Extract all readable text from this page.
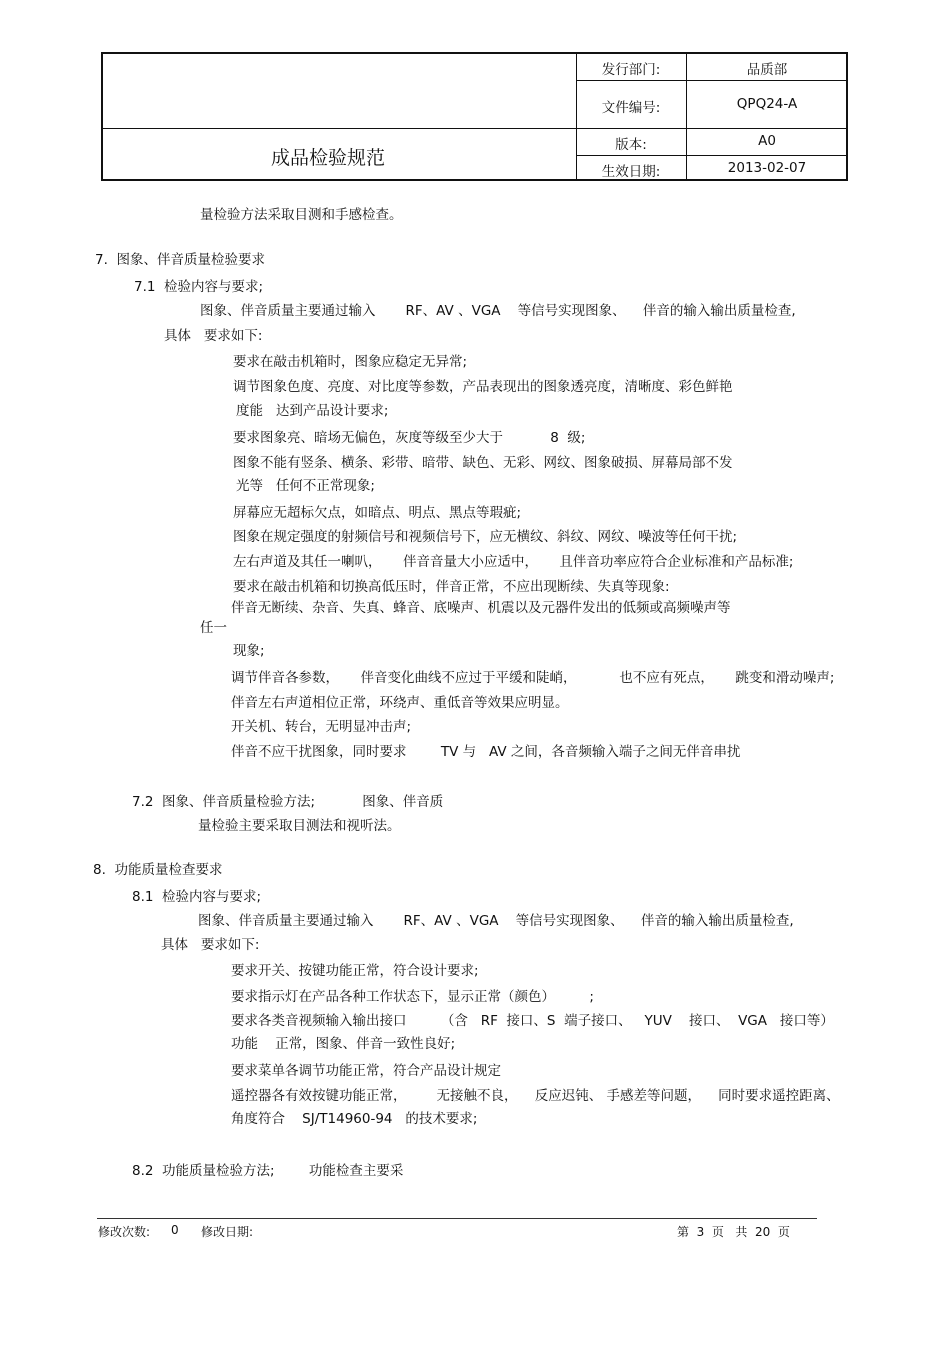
成品检验规范
发行部门:	品质部
文件编号:	QPQ24-A
版本:	A0
生效日期:	2013-02-07
量检验方法采取目测和手感检查。
7.  图象、伴音质量检验要求
7.1  检验内容与要求;
图象、伴音质量主要通过输入       RF、AV 、VGA    等信号实现图象、    伴音的输入输出质量检查,
具体   要求如下:
要求在敲击机箱时，图象应稳定无异常;
调节图象色度、亮度、对比度等参数，产品表现出的图象透亮度，清晰度、彩色鲜艳
度能   达到产品设计要求;
要求图象亮、暗场无偏色，灰度等级至少大于           8  级;
图象不能有竖条、横条、彩带、暗带、缺色、无彩、网纹、图象破损、屏幕局部不发
光等   任何不正常现象;
屏幕应无超标欠点，如暗点、明点、黑点等瑕疵;
图象在规定强度的射频信号和视频信号下，应无横纹、斜纹、网纹、噪波等任何干扰;
左右声道及其任一喇叭，     伴音音量大小应适中，     且伴音功率应符合企业标准和产品标准;
要求在敲击机箱和切换高低压时，伴音正常，不应出现断续、失真等现象:
伴音无断续、杂音、失真、蜂音、底噪声、机震以及元器件发出的低频或高频噪声等
任一
现象;
调节伴音各参数，     伴音变化曲线不应过于平缓和陡峭，          也不应有死点，     跳变和滑动噪声;
伴音左右声道相位正常，环绕声、重低音等效果应明显。
开关机、转台，无明显冲击声;
伴音不应干扰图象，同时要求        TV 与   AV 之间，各音频输入端子之间无伴音串扰
7.2  图象、伴音质量检验方法;           图象、伴音质
量检验主要采取目测法和视听法。
8.  功能质量检查要求
8.1  检验内容与要求;
图象、伴音质量主要通过输入       RF、AV 、VGA    等信号实现图象、    伴音的输入输出质量检查,
具体   要求如下:
要求开关、按键功能正常，符合设计要求;
要求指示灯在产品各种工作状态下，显示正常（颜色）        ;
要求各类音视频输入输出接口        （含   RF  接口、S  端子接口、   YUV    接口、  VGA   接口等）
功能    正常，图象、伴音一致性良好;
要求菜单各调节功能正常，符合产品设计规定
遥控器各有效按键功能正常，       无接触不良，    反应迟钝、 手感差等问题，    同时要求遥控距离、
角度符合    SJ/T14960-94   的技术要求;
8.2  功能质量检验方法;        功能检查主要采
修改次数: 0 修改日期:	第  3  页   共  20  页
